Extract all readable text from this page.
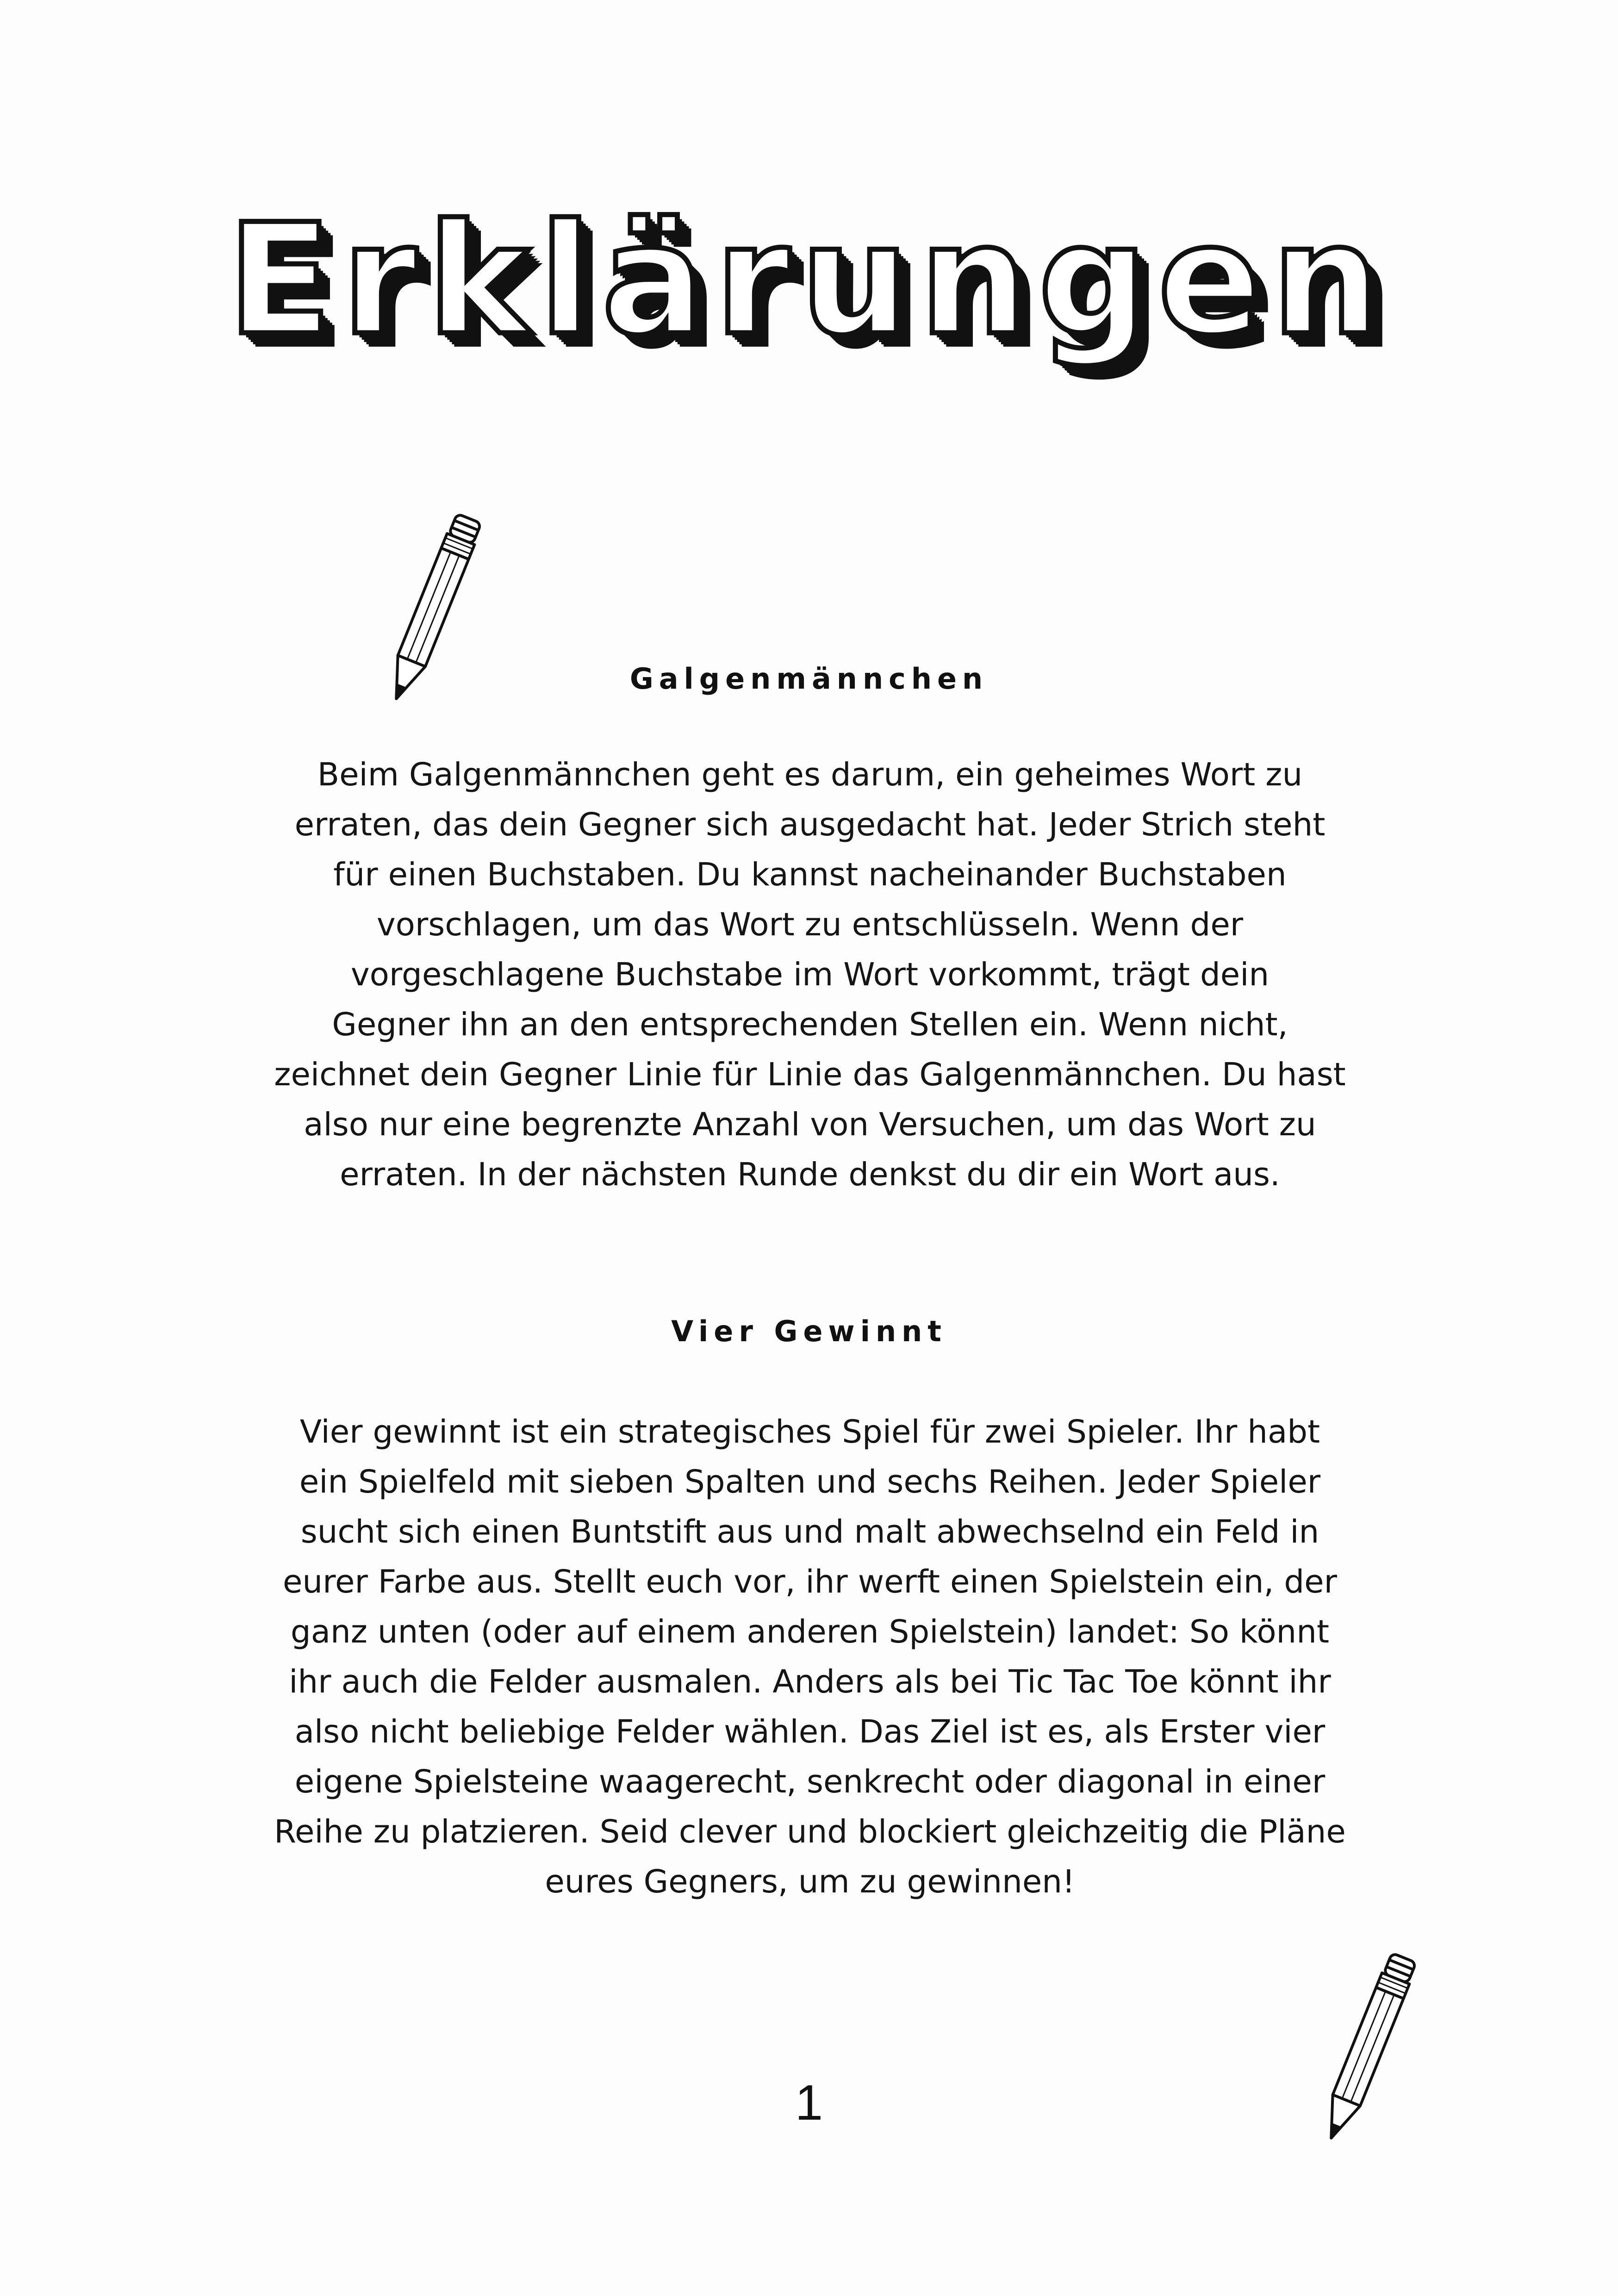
Erklärungen
Galgenmännchen
Beim Galgenmännchen geht es darum, ein geheimes Wort zu
erraten, das dein Gegner sich ausgedacht hat. Jeder Strich steht
für einen Buchstaben. Du kannst nacheinander Buchstaben
vorschlagen, um das Wort zu entschlüsseln. Wenn der
vorgeschlagene Buchstabe im Wort vorkommt, trägt dein
Gegner ihn an den entsprechenden Stellen ein. Wenn nicht,
zeichnet dein Gegner Linie für Linie das Galgenmännchen. Du hast
also nur eine begrenzte Anzahl von Versuchen, um das Wort zu
erraten. In der nächsten Runde denkst du dir ein Wort aus.
Vier Gewinnt
Vier gewinnt ist ein strategisches Spiel für zwei Spieler. Ihr habt
ein Spielfeld mit sieben Spalten und sechs Reihen. Jeder Spieler
sucht sich einen Buntstift aus und malt abwechselnd ein Feld in
eurer Farbe aus. Stellt euch vor, ihr werft einen Spielstein ein, der
ganz unten (oder auf einem anderen Spielstein) landet: So könnt
ihr auch die Felder ausmalen. Anders als bei Tic Tac Toe könnt ihr
also nicht beliebige Felder wählen. Das Ziel ist es, als Erster vier
eigene Spielsteine waagerecht, senkrecht oder diagonal in einer
Reihe zu platzieren. Seid clever und blockiert gleichzeitig die Pläne
eures Gegners, um zu gewinnen!
1
